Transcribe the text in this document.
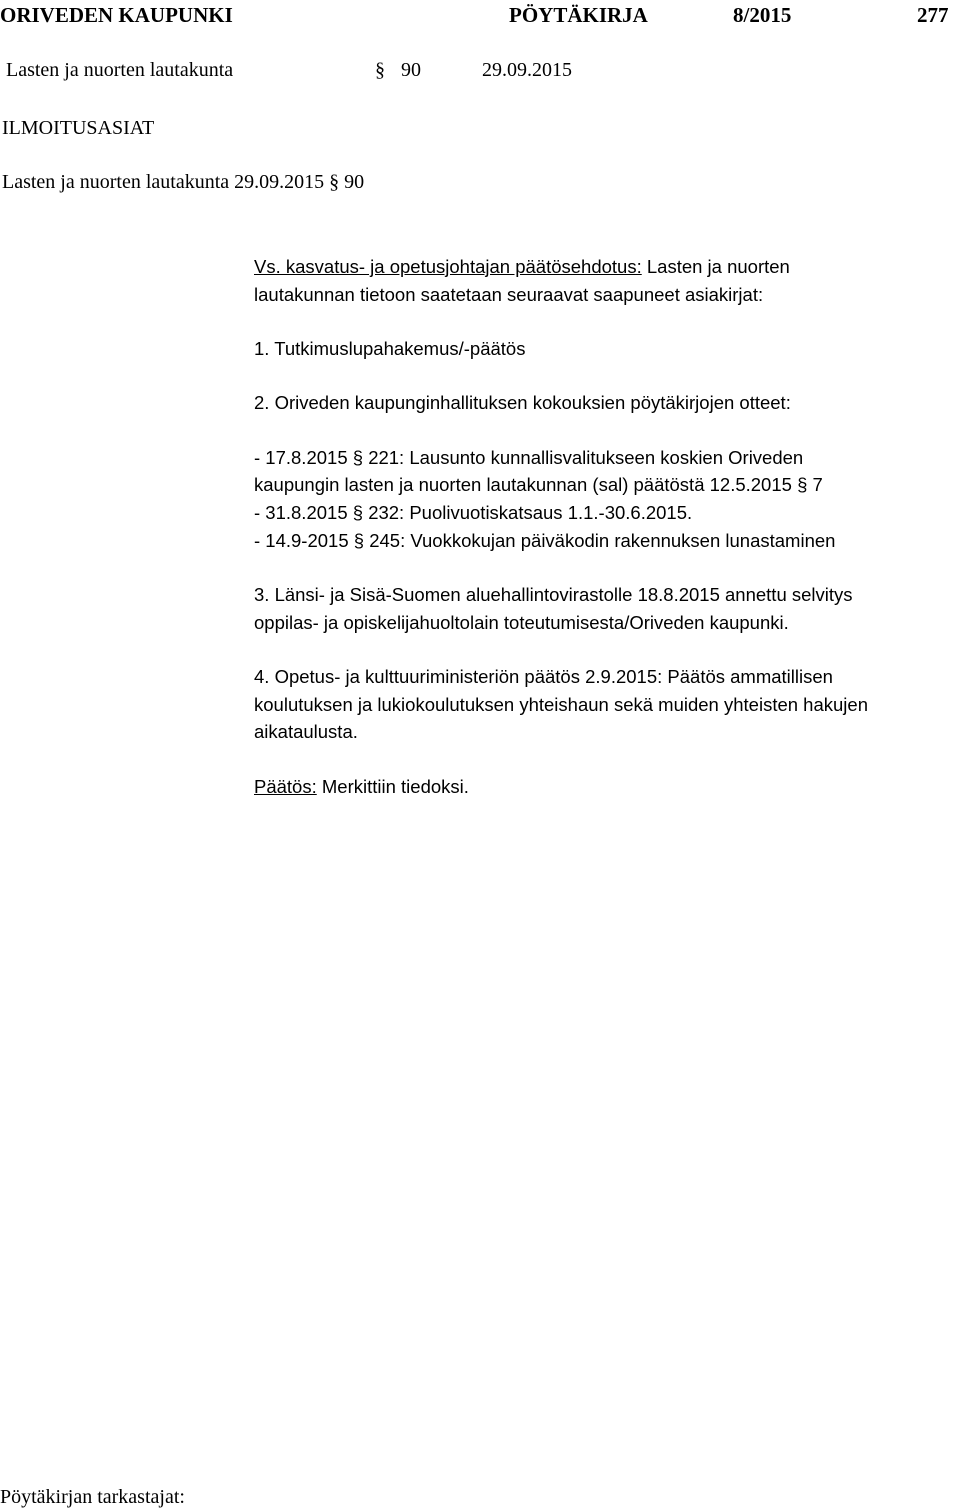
ORIVEDEN KAUPUNKI	PÖYTÄKIRJA	8/2015	277
Lasten ja nuorten lautakunta	§ 90	29.09.2015
ILMOITUSASIAT
Lasten ja nuorten lautakunta 29.09.2015 § 90
Vs. kasvatus- ja opetusjohtajan päätösehdotus: Lasten ja nuorten
lautakunnan tietoon saatetaan seuraavat saapuneet asiakirjat:
1. Tutkimuslupahakemus/-päätös
2. Oriveden kaupunginhallituksen kokouksien pöytäkirjojen otteet:
- 17.8.2015 § 221: Lausunto kunnallisvalitukseen koskien Oriveden
kaupungin lasten ja nuorten lautakunnan (sal) päätöstä 12.5.2015 § 7
- 31.8.2015 § 232: Puolivuotiskatsaus 1.1.-30.6.2015.
- 14.9-2015 § 245: Vuokkokujan päiväkodin rakennuksen lunastaminen
3. Länsi- ja Sisä-Suomen aluehallintovirastolle 18.8.2015 annettu selvitys
oppilas- ja opiskelijahuoltolain toteutumisesta/Oriveden kaupunki.
4. Opetus- ja kulttuuriministeriön päätös 2.9.2015: Päätös ammatillisen
koulutuksen ja lukiokoulutuksen yhteishaun sekä muiden yhteisten hakujen
aikataulusta.
Päätös: Merkittiin tiedoksi.
Pöytäkirjan tarkastajat:
